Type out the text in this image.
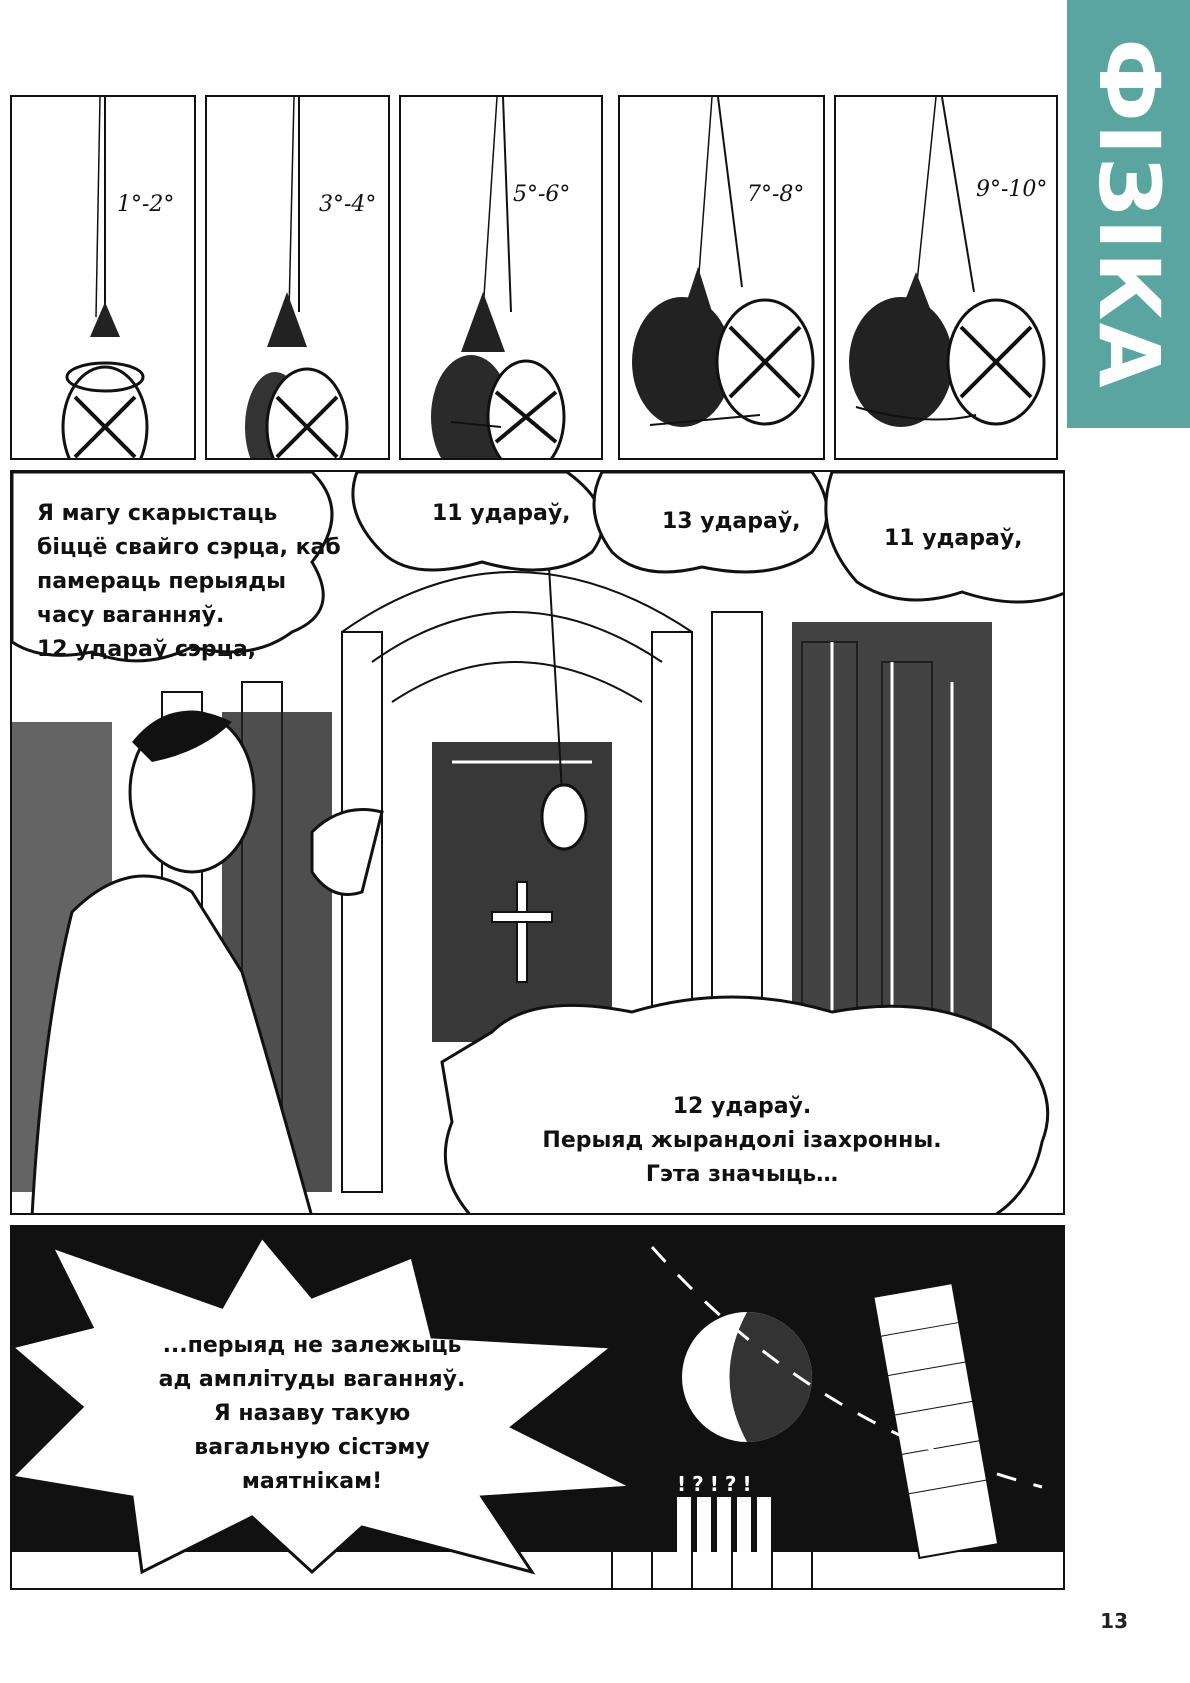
ФІЗІКА
1°-2°	3°-4°	5°-6°	7°-8°	9°-10°
Я магу скарыстаць
біццё свайго сэрца, каб
памераць перыяды
часу ваганняў.
12 удараў сэрца,
11 удараў,	13 удараў,
11 удараў,
12 удараў.
Перыяд жырандолі ізахронны.
Гэта значыць…
!?!?!
...перыяд не залежыць
ад амплітуды ваганняў.
Я назаву такую
вагальную сістэму
маятнікам!
13
